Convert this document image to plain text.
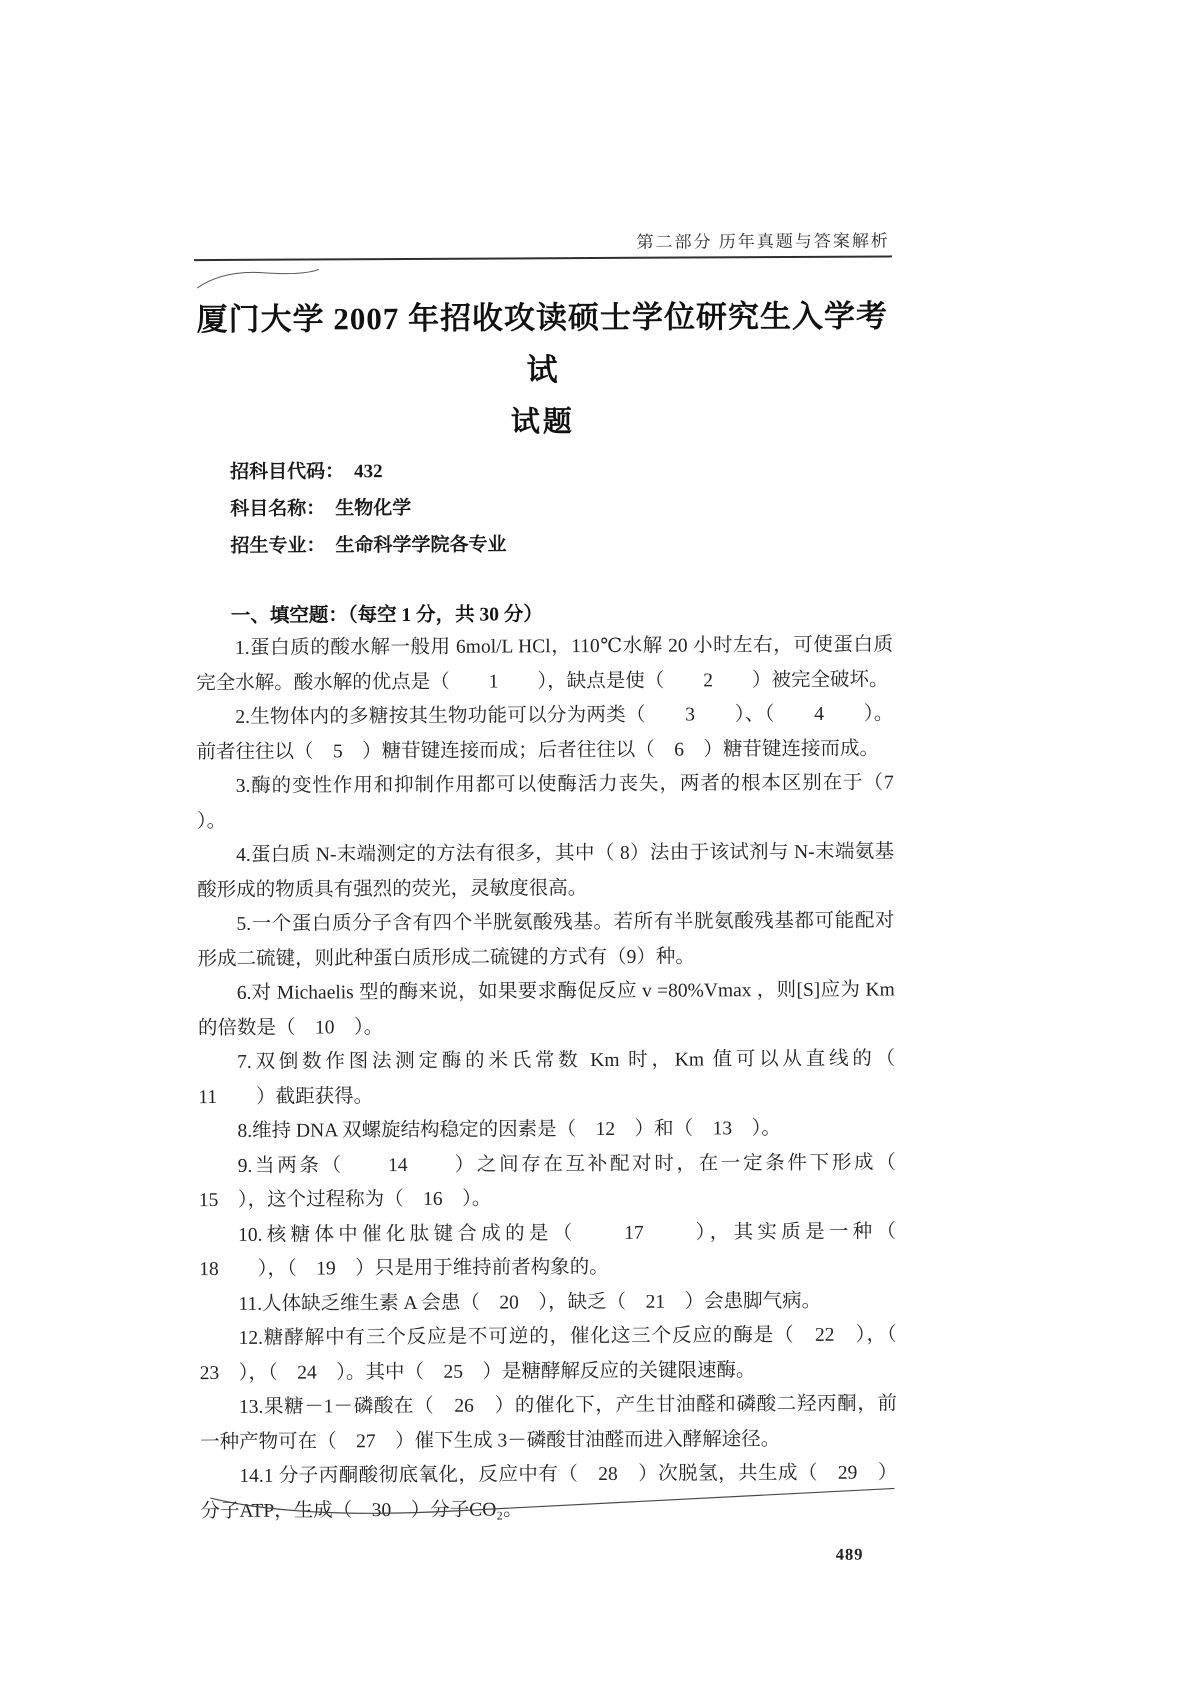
第二部分 历年真题与答案解析
厦门大学 2007 年招收攻读硕士学位研究生入学考试
试题
招科目代码： 432
科目名称： 生物化学
招生专业： 生命科学学院各专业
一、填空题：（每空 1 分，共 30 分）

1.蛋白质的酸水解一般用 6mol/L HCl，110℃水解 20 小时左右，可使蛋白质完全水解。酸水解的优点是（　　1　　），缺点是使（　　2　　）被完全破坏。

2.生物体内的多糖按其生物功能可以分为两类（　　3　　）、（　　4　　）。前者往往以（　5　）糖苷键连接而成；后者往往以（　6　）糖苷键连接而成。

3.酶的变性作用和抑制作用都可以使酶活力丧失，两者的根本区别在于（7 ）。

4.蛋白质 N-末端测定的方法有很多，其中（ 8）法由于该试剂与 N-末端氨基酸形成的物质具有强烈的荧光，灵敏度很高。

5.一个蛋白质分子含有四个半胱氨酸残基。若所有半胱氨酸残基都可能配对形成二硫键，则此种蛋白质形成二硫键的方式有（9）种。

6.对 Michaelis 型的酶来说，如果要求酶促反应 v =80%Vmax ，则[S]应为 Km 的倍数是（　10　）。

7.双倒数作图法测定酶的米氏常数 Km 时，Km 值可以从直线的（　　11　　）截距获得。

8.维持 DNA 双螺旋结构稳定的因素是（　12　）和（　13　）。

9.当两条（　　14　　）之间存在互补配对时，在一定条件下形成（　15　），这个过程称为（　16　）。

10.核糖体中催化肽键合成的是（　　17　　），其实质是一种（　　18　　），（　19　）只是用于维持前者构象的。

11.人体缺乏维生素 A 会患（　20　），缺乏（　21　）会患脚气病。

12.糖酵解中有三个反应是不可逆的，催化这三个反应的酶是（　22　），（　23　），（　24　）。其中（　25　）是糖酵解反应的关键限速酶。

13.果糖－1－磷酸在（　26　）的催化下，产生甘油醛和磷酸二羟丙酮，前一种产物可在（　27　）催下生成 3－磷酸甘油醛而进入酵解途径。

14.1 分子丙酮酸彻底氧化，反应中有（　28　）次脱氢，共生成（　29　）分子ATP，生成（　30　）分子CO₂。

489
